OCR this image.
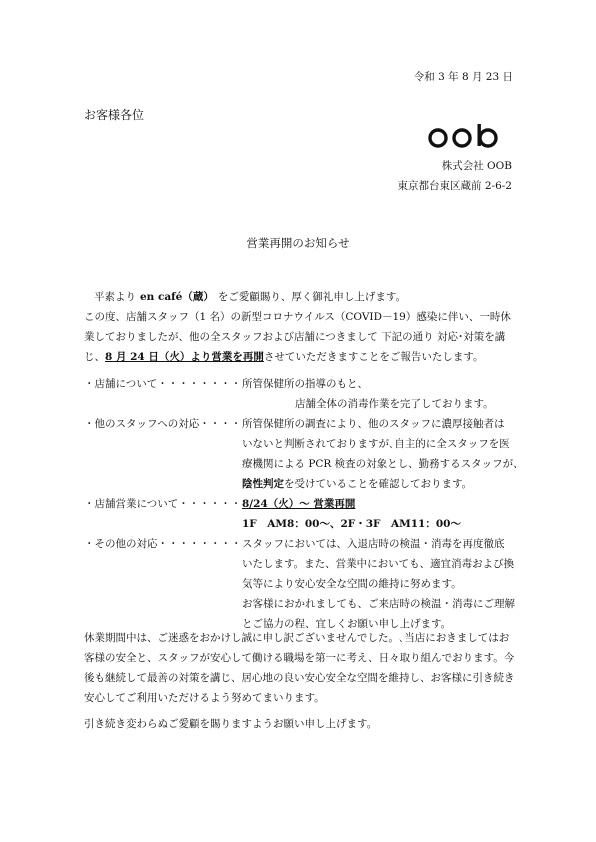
令和 3 年 8 月 23 日
お客様各位
株式会社 OOB
東京都台東区蔵前 2-6-2
営業再開のお知らせ
平素より en café（蔵） をご愛顧賜り、厚く御礼申し上げます。
この度、店舗スタッフ（1 名）の新型コロナウイルス（COVID－19）感染に伴い、一時休
業しておりましたが、他の全スタッフおよび店舗につきまして 下記の通り 対応･対策を講
じ、8 月 24 日（火）より営業を再開させていただきますことをご報告いたします。
・店舗について・・・・・・・・ 所管保健所の指導のもと、
店舗全体の消毒作業を完了しております。
・他のスタッフへの対応・・・・ 所管保健所の調査により、他のスタッフに濃厚接触者は
いないと判断されておりますが､自主的に全スタッフを医
療機関による PCR 検査の対象とし、勤務するスタッフが、
陰性判定を受けていることを確認しております。
・店舗営業について・・・・・・ 8/24（火）～ 営業再開
1F　AM8：00～、2F・3F　AM11：00～
・その他の対応・・・・・・・・ スタッフにおいては、入退店時の検温・消毒を再度徹底
いたします。また、営業中においても、適宜消毒および換
気等により安心安全な空間の維持に努めます。
お客様におかれましても、ご来店時の検温・消毒にご理解
とご協力の程、宜しくお願い申し上げます。
休業期間中は、ご迷惑をおかけし誠に申し訳ございませんでした。､当店におきましてはお
客様の安全と、スタッフが安心して働ける職場を第一に考え、日々取り組んでおります。今
後も継続して最善の対策を講じ、居心地の良い安心安全な空間を維持し、お客様に引き続き
安心してご利用いただけるよう努めてまいります。
引き続き変わらぬご愛顧を賜りますようお願い申し上げます。
